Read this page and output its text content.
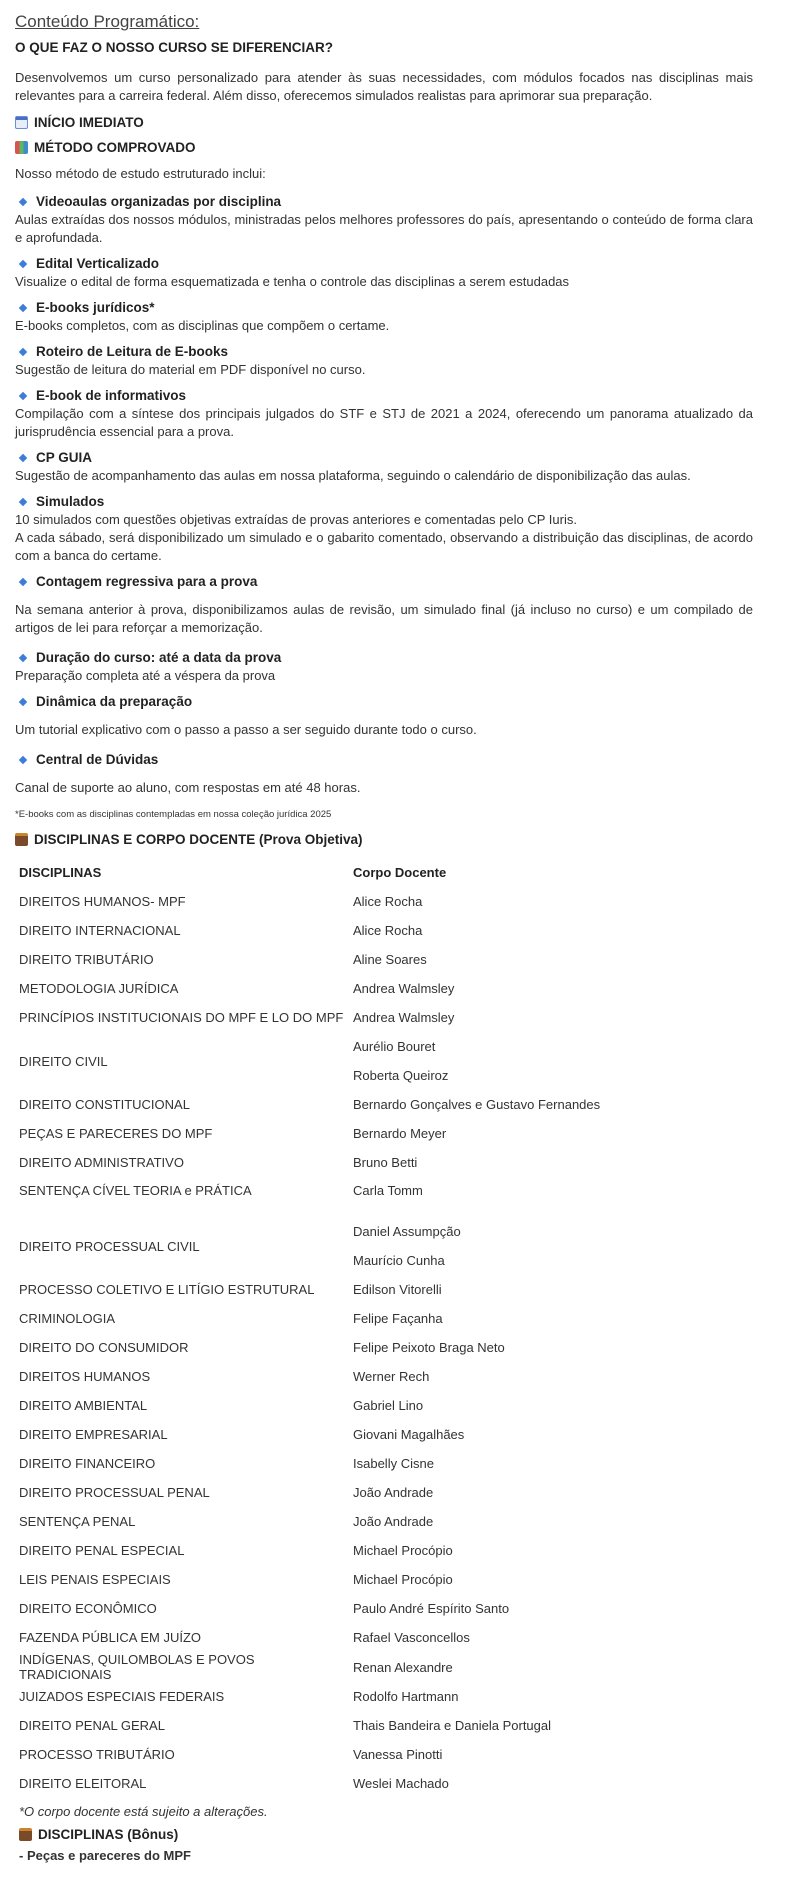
Conteúdo Programático:
O QUE FAZ O NOSSO CURSO SE DIFERENCIAR?

Desenvolvemos um curso personalizado para atender às suas necessidades, com módulos focados nas disciplinas mais relevantes para a carreira federal. Além disso, oferecemos simulados realistas para aprimorar sua preparação.

INÍCIO IMEDIATO
MÉTODO COMPROVADO

Nosso método de estudo estruturado inclui:

Videoaulas organizadas por disciplina

Aulas extraídas dos nossos módulos, ministradas pelos melhores professores do país, apresentando o conteúdo de forma clara e aprofundada.

Edital Verticalizado

Visualize o edital de forma esquematizada e tenha o controle das disciplinas a serem estudadas

E-books jurídicos*

E-books completos, com as disciplinas que compõem o certame.

Roteiro de Leitura de E-books

Sugestão de leitura do material em PDF disponível no curso.

E-book de informativos

Compilação com a síntese dos principais julgados do STF e STJ de 2021 a 2024, oferecendo um panorama atualizado da jurisprudência essencial para a prova.

CP GUIA

Sugestão de acompanhamento das aulas em nossa plataforma, seguindo o calendário de disponibilização das aulas.

Simulados

10 simulados com questões objetivas extraídas de provas anteriores e comentadas pelo CP Iuris.

A cada sábado, será disponibilizado um simulado e o gabarito comentado, observando a distribuição das disciplinas, de acordo com a banca do certame.

Contagem regressiva para a prova

Na semana anterior à prova, disponibilizamos aulas de revisão, um simulado final (já incluso no curso) e um compilado de artigos de lei para reforçar a memorização.

Duração do curso: até a data da prova

Preparação completa até a véspera da prova

Dinâmica da preparação

Um tutorial explicativo com o passo a passo a ser seguido durante todo o curso.

Central de Dúvidas

Canal de suporte ao aluno, com respostas em até 48 horas.

*E-books com as disciplinas contempladas em nossa coleção jurídica 2025
DISCIPLINAS E CORPO DOCENTE (Prova Objetiva)
DISCIPLINAS	Corpo Docente
DIREITOS HUMANOS- MPF	Alice Rocha

DIREITO INTERNACIONAL	Alice Rocha

DIREITO TRIBUTÁRIO	Aline Soares

METODOLOGIA JURÍDICA	Andrea Walmsley

PRINCÍPIOS INSTITUCIONAIS DO MPF E LO DO MPF	Andrea Walmsley

DIREITO CIVIL	Aurélio Bouret
Roberta Queiroz

DIREITO CONSTITUCIONAL	Bernardo Gonçalves e Gustavo Fernandes

PEÇAS E PARECERES DO MPF	Bernardo Meyer

DIREITO ADMINISTRATIVO	Bruno Betti

SENTENÇA CÍVEL TEORIA e PRÁTICA	Carla Tomm

DIREITO PROCESSUAL CIVIL	Daniel Assumpção
Maurício Cunha

PROCESSO COLETIVO E LITÍGIO ESTRUTURAL	Edilson Vitorelli

CRIMINOLOGIA	Felipe Façanha

DIREITO DO CONSUMIDOR	Felipe Peixoto Braga Neto

DIREITOS HUMANOS	Werner Rech

DIREITO AMBIENTAL	Gabriel Lino

DIREITO EMPRESARIAL	Giovani Magalhães

DIREITO FINANCEIRO	Isabelly Cisne

DIREITO PROCESSUAL PENAL	João Andrade

SENTENÇA PENAL	João Andrade

DIREITO PENAL ESPECIAL	Michael Procópio

LEIS PENAIS ESPECIAIS	Michael Procópio

DIREITO ECONÔMICO	Paulo André Espírito Santo

FAZENDA PÚBLICA EM JUÍZO	Rafael Vasconcellos

INDÍGENAS, QUILOMBOLAS E POVOS TRADICIONAIS	Renan Alexandre

JUIZADOS ESPECIAIS FEDERAIS	Rodolfo Hartmann

DIREITO PENAL GERAL	Thais Bandeira e Daniela Portugal

PROCESSO TRIBUTÁRIO	Vanessa Pinotti

DIREITO ELEITORAL	Weslei Machado
*O corpo docente está sujeito a alterações.
DISCIPLINAS (Bônus)
- Peças e pareceres do MPF
